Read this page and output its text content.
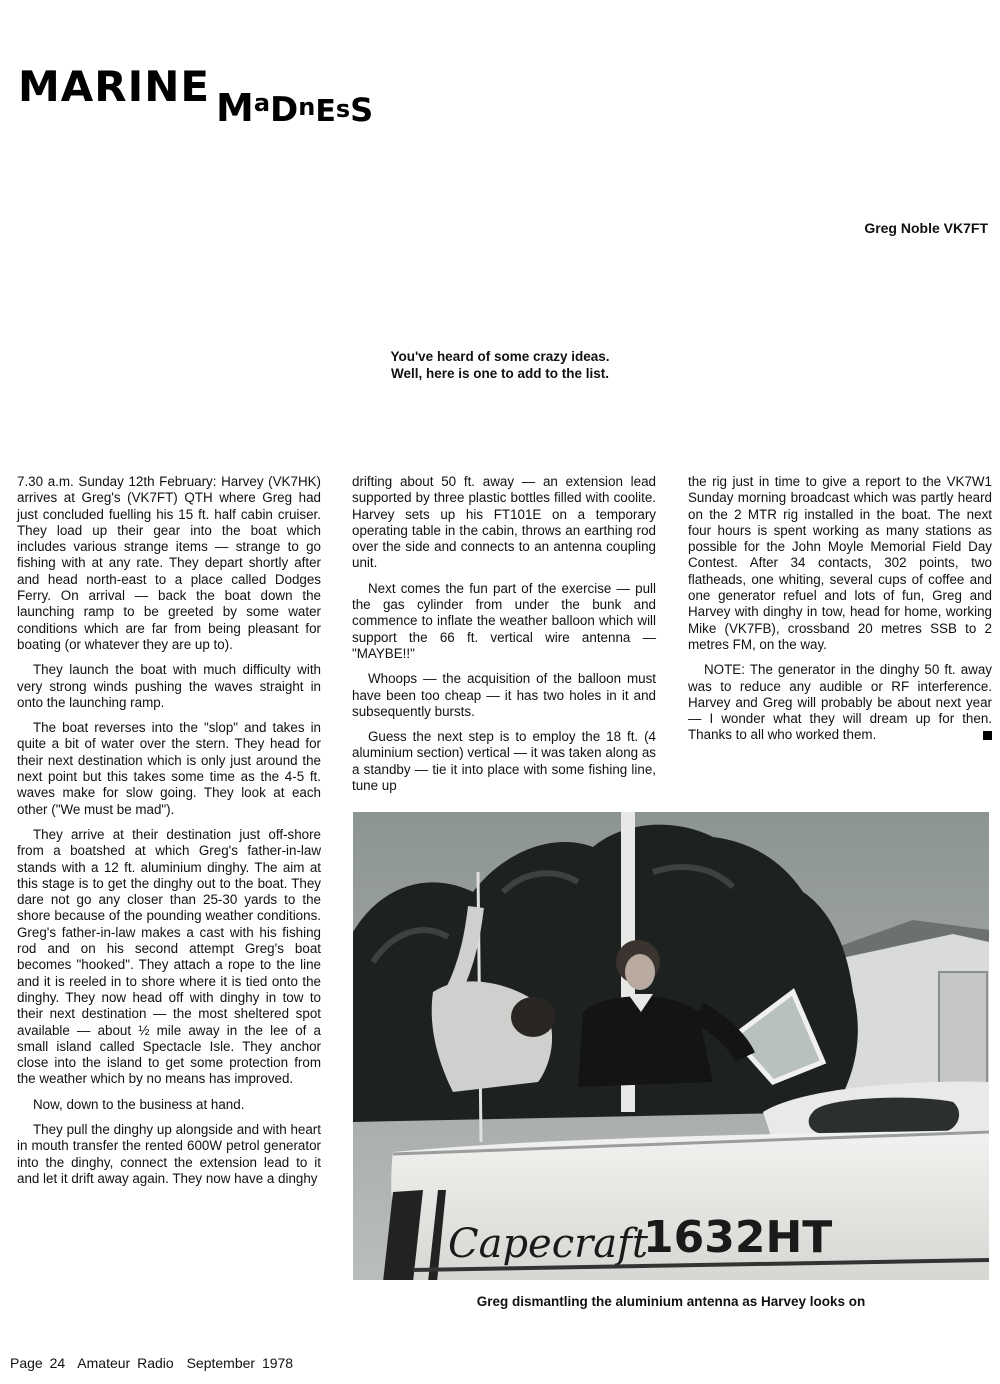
MARINE MaDnEsS
Greg Noble VK7FT
You've heard of some crazy ideas.
Well, here is one to add to the list.

7.30 a.m. Sunday 12th February: Harvey (VK7HK) arrives at Greg's (VK7FT) QTH where Greg had just concluded fuelling his 15 ft. half cabin cruiser. They load up their gear into the boat which includes various strange items — strange to go fishing with at any rate. They depart shortly after and head north-east to a place called Dodges Ferry. On arrival — back the boat down the launching ramp to be greeted by some water conditions which are far from being pleasant for boating (or whatever they are up to).

They launch the boat with much difficulty with very strong winds pushing the waves straight in onto the launching ramp.

The boat reverses into the "slop" and takes in quite a bit of water over the stern. They head for their next destination which is only just around the next point but this takes some time as the 4-5 ft. waves make for slow going. They look at each other ("We must be mad").

They arrive at their destination just off-shore from a boatshed at which Greg's father-in-law stands with a 12 ft. aluminium dinghy. The aim at this stage is to get the dinghy out to the boat. They dare not go any closer than 25-30 yards to the shore because of the pounding weather conditions. Greg's father-in-law makes a cast with his fishing rod and on his second attempt Greg's boat becomes "hooked". They attach a rope to the line and it is reeled in to shore where it is tied onto the dinghy. They now head off with dinghy in tow to their next destination — the most sheltered spot available — about ½ mile away in the lee of a small island called Spectacle Isle. They anchor close into the island to get some protection from the weather which by no means has improved.

Now, down to the business at hand.

They pull the dinghy up alongside and with heart in mouth transfer the rented 600W petrol generator into the dinghy, connect the extension lead to it and let it drift away again. They now have a dinghy

drifting about 50 ft. away — an extension lead supported by three plastic bottles filled with coolite. Harvey sets up his FT101E on a temporary operating table in the cabin, throws an earthing rod over the side and connects to an antenna coupling unit.

Next comes the fun part of the exercise — pull the gas cylinder from under the bunk and commence to inflate the weather balloon which will support the 66 ft. vertical wire antenna — "MAYBE!!"

Whoops — the acquisition of the balloon must have been too cheap — it has two holes in it and subsequently bursts.

Guess the next step is to employ the 18 ft. (4 aluminium section) vertical — it was taken along as a standby — tie it into place with some fishing line, tune up

the rig just in time to give a report to the VK7W1 Sunday morning broadcast which was partly heard on the 2 MTR rig installed in the boat. The next four hours is spent working as many stations as possible for the John Moyle Memorial Field Day Contest. After 34 contacts, 302 points, two flatheads, one whiting, several cups of coffee and one generator refuel and lots of fun, Greg and Harvey with dinghy in tow, head for home, working Mike (VK7FB), crossband 20 metres SSB to 2 metres FM, on the way.

NOTE: The generator in the dinghy 50 ft. away was to reduce any audible or RF interference. Harvey and Greg will probably be about next year — I wonder what they will dream up for then. Thanks to all who worked them.

Capecraft
1632HT
Greg dismantling the aluminium antenna as Harvey looks on
Page 24 Amateur Radio September 1978
